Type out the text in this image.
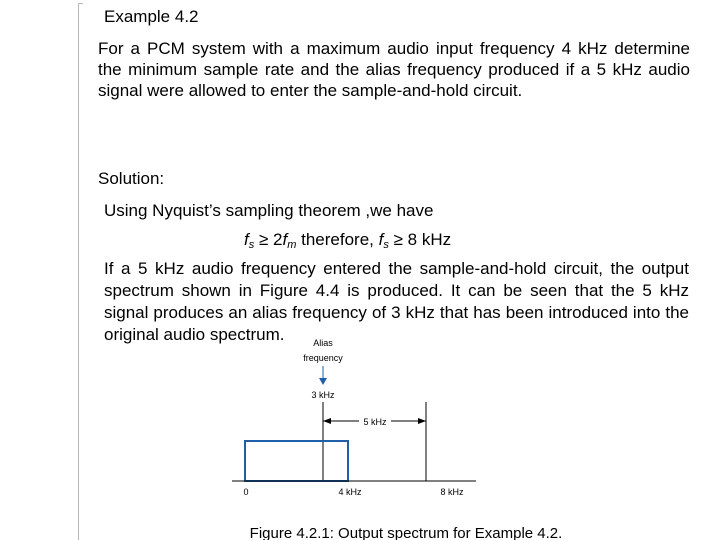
Example 4.2
For a PCM system with a maximum audio input frequency 4 kHz determine the minimum sample rate and the alias frequency produced if a 5 kHz audio signal were allowed to enter the sample-and-hold circuit.
Solution:
Using Nyquist’s sampling theorem ,we have
$f_s \ge 2f_m$ therefore, $f_s \ge 8$ kHz
If a 5 kHz audio frequency entered the sample-and-hold circuit, the output spectrum shown in Figure 4.4 is produced. It can be seen that the 5 kHz signal produces an alias frequency of 3 kHz that has been introduced into the original audio spectrum.	Alias
frequency
3 kHz
5 kHz
0	4 kHz	8 kHz
Figure 4.2.1: Output spectrum for Example 4.2.
